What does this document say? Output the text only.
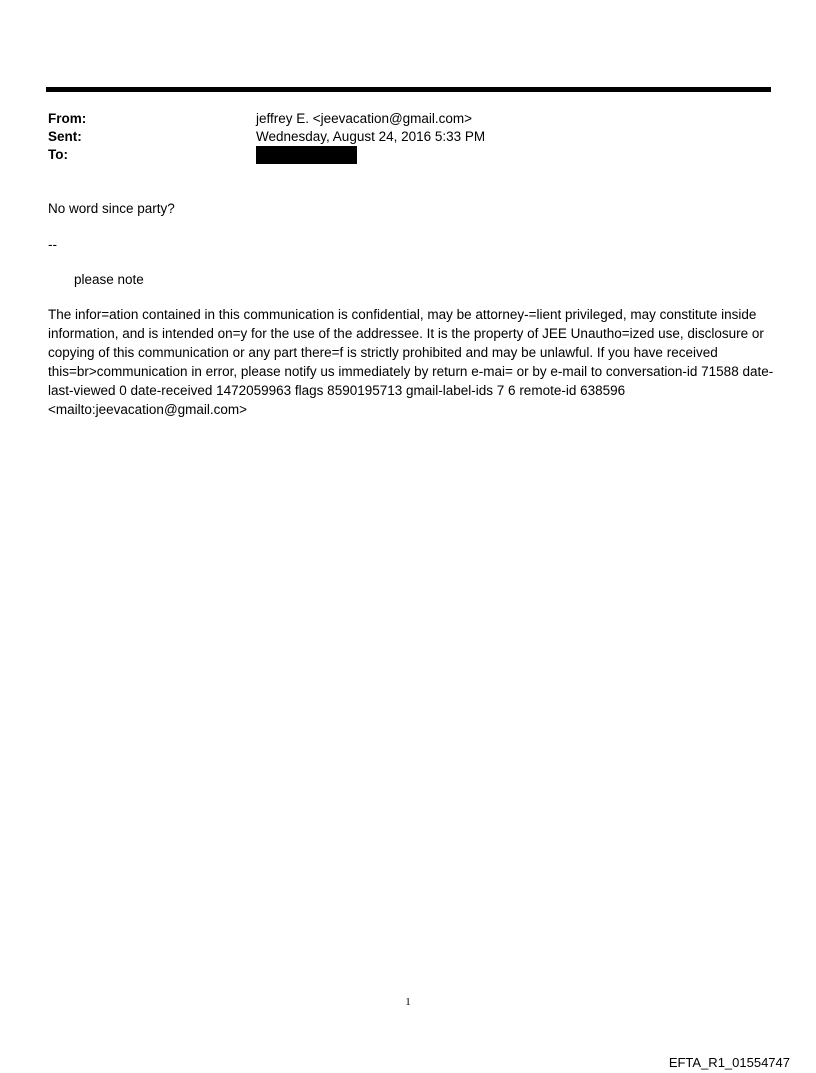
From:	jeffrey E. <jeevacation@gmail.com>
Sent:	Wednesday, August 24, 2016 5:33 PM
To:
No word since party?
--
please note
The infor=ation contained in this communication is confidential, may be attorney-=lient privileged, may constitute inside information, and is intended on=y for the use of the addressee. It is the property of JEE Unautho=ized use, disclosure or copying of this communication or any part there=f is strictly prohibited and may be unlawful. If you have received this=br>communication in error, please notify us immediately by return e-mai= or by e-mail to conversation-id 71588 date-last-viewed 0 date-received 1472059963 flags 8590195713 gmail-label-ids 7 6 remote-id 638596 <mailto:jeevacation@gmail.com>
1
EFTA_R1_01554747
